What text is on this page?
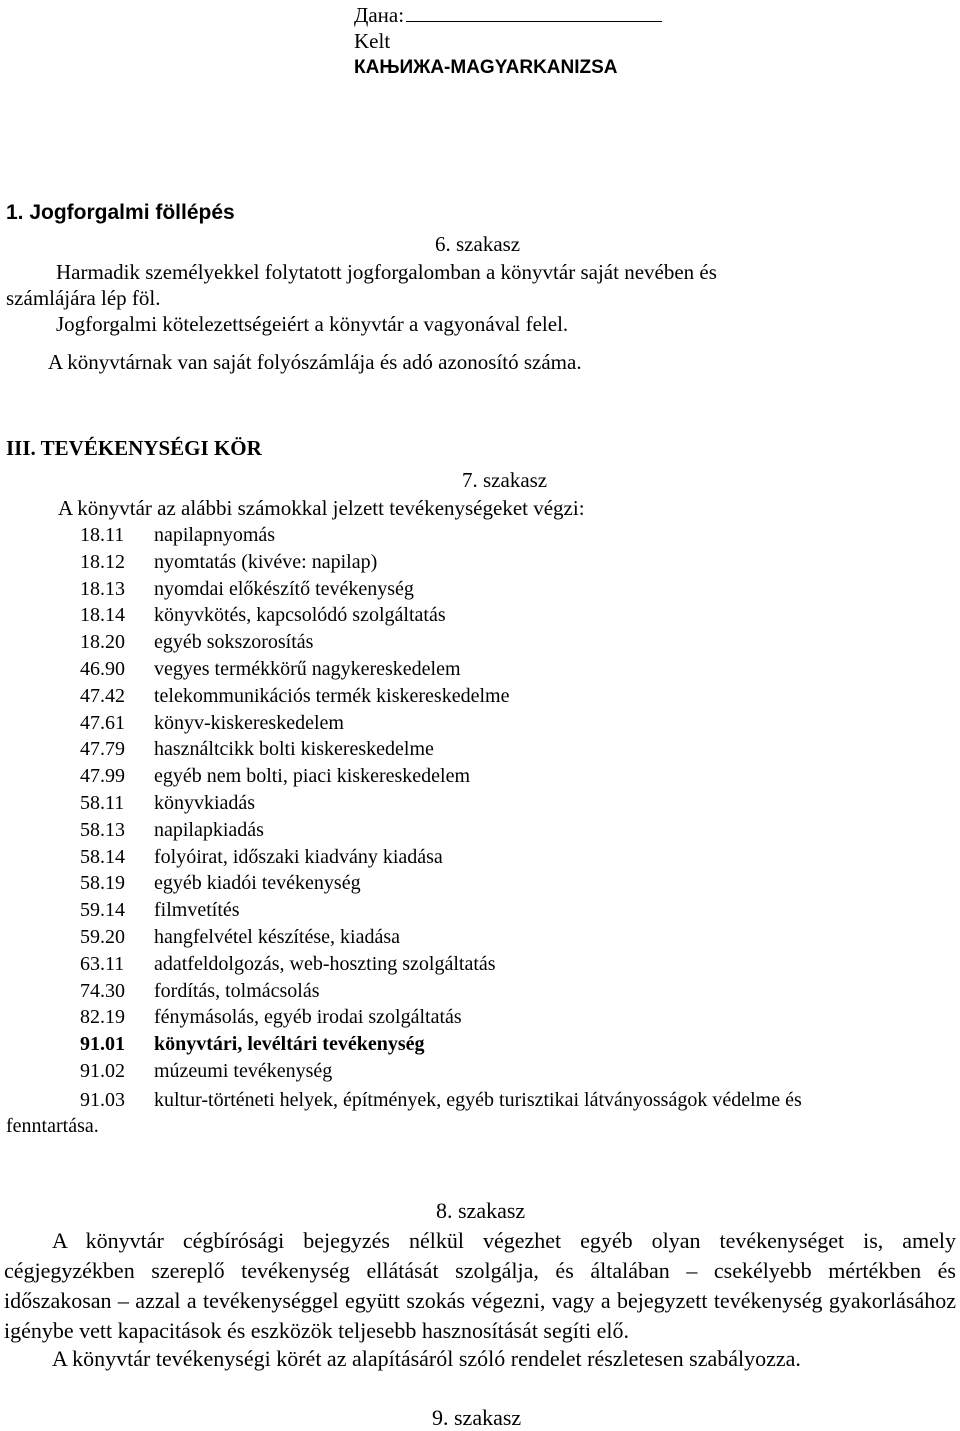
Дана:
Kelt
КАЊИЖА-MAGYARKANIZSA
1. Jogforgalmi föllépés
6. szakasz
Harmadik személyekkel folytatott jogforgalomban a könyvtár saját nevében és
számlájára lép föl.
Jogforgalmi kötelezettségeiért a könyvtár a vagyonával felel.
A könyvtárnak van saját folyószámlája és adó azonosító száma.
III. TEVÉKENYSÉGI KÖR
7. szakasz
A könyvtár az alábbi számokkal jelzett tevékenységeket végzi:
18.11 napilapnyomás
18.12 nyomtatás (kivéve: napilap)
18.13 nyomdai előkészítő tevékenység
18.14 könyvkötés, kapcsolódó szolgáltatás
18.20 egyéb sokszorosítás
46.90 vegyes termékkörű nagykereskedelem
47.42 telekommunikációs termék kiskereskedelme
47.61 könyv-kiskereskedelem
47.79 használtcikk bolti kiskereskedelme
47.99 egyéb nem bolti, piaci kiskereskedelem
58.11 könyvkiadás
58.13 napilapkiadás
58.14 folyóirat, időszaki kiadvány kiadása
58.19 egyéb kiadói tevékenység
59.14 filmvetítés
59.20 hangfelvétel készítése, kiadása
63.11 adatfeldolgozás, web-hoszting szolgáltatás
74.30 fordítás, tolmácsolás
82.19 fénymásolás, egyéb irodai szolgáltatás
91.01 könyvtári, levéltári tevékenység
91.02 múzeumi tevékenység
91.03 kultur-történeti helyek, építmények, egyéb turisztikai látványosságok védelme és
fenntartása.
8. szakasz
A könyvtár cégbírósági bejegyzés nélkül végezhet egyéb olyan tevékenységet is, amely cégjegyzékben szereplő tevékenység ellátását szolgálja, és általában – csekélyebb mértékben és időszakosan – azzal a tevékenységgel együtt szokás végezni, vagy a bejegyzett tevékenység gyakorlásához igénybe vett kapacitások és eszközök teljesebb hasznosítását segíti elő.
A könyvtár tevékenységi körét az alapításáról szóló rendelet részletesen szabályozza.
9. szakasz
